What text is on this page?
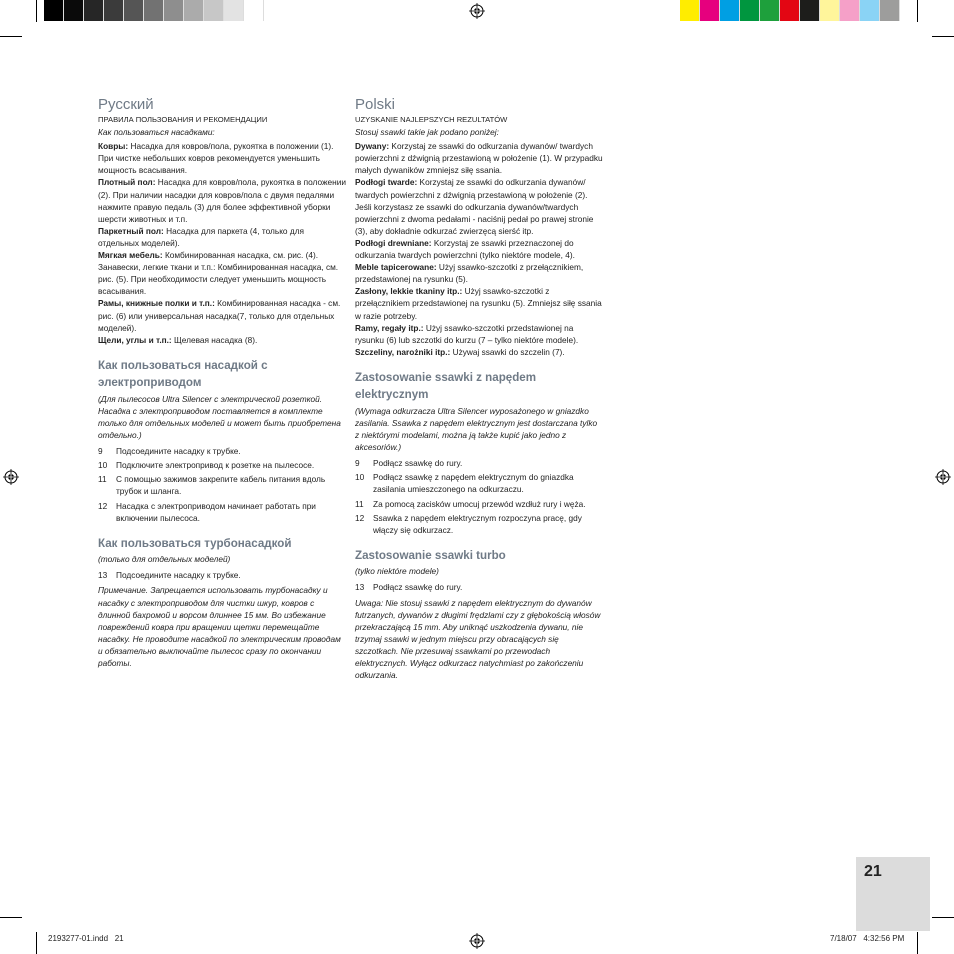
Русский

ПРАВИЛА ПОЛЬЗОВАНИЯ И РЕКОМЕНДАЦИИ

Как пользоваться насадками:

Ковры: Насадка для ковров/пола, рукоятка в положении (1). При чистке небольших ковров рекомендуется уменьшить мощность всасывания.

Плотный пол: Насадка для ковров/пола, рукоятка в положении (2). При наличии насадки для ковров/пола с двумя педалями нажмите правую педаль (3) для более эффективной уборки шерсти животных и т.п.

Паркетный пол: Насадка для паркета (4, только для отдельных моделей).

Мягкая мебель: Комбинированная насадка, см. рис. (4). Занавески, легкие ткани и т.п.: Комбинированная насадка, см. рис. (5). При необходимости следует уменьшить мощность всасывания.

Рамы, книжные полки и т.п.: Комбинированная насадка - см. рис. (6) или универсальная насадка(7, только для отдельных моделей).

Щели, углы и т.п.: Щелевая насадка (8).

Как пользоваться насадкой с электроприводом

(Для пылесосов Ultra Silencer с электрической розеткой. Насадка с электроприводом поставляется в комплекте только для отдельных моделей и может быть приобретена отдельно.)

9	Подсоедините насадку к трубке.
10	Подключите электропривод к розетке на пылесосе.
11	С помощью зажимов закрепите кабель питания вдоль трубок и шланга.
12	Насадка с электроприводом начинает работать при включении пылесоса.
Как пользоваться турбонасадкой

(только для отдельных моделей)

13	Подсоедините насадку к трубке.

Примечание. Запрещается использовать турбонасадку и насадку с электроприводом для чистки шкур, ковров с длинной бахромой и ворсом длиннее 15 мм. Во избежание повреждений ковра при вращении щетки перемещайте насадку. Не проводите насадкой по электрическим проводам и обязательно выключайте пылесос сразу по окончании работы.

Polski

UZYSKANIE NAJLEPSZYCH REZULTATÓW

Stosuj ssawki takie jak podano poniżej:

Dywany: Korzystaj ze ssawki do odkurzania dywanów/ twardych powierzchni z dźwignią przestawioną w położenie (1). W przypadku małych dywaników zmniejsz siłę ssania.

Podłogi twarde: Korzystaj ze ssawki do odkurzania dywanów/ twardych powierzchni z dźwignią przestawioną w położenie (2). Jeśli korzystasz ze ssawki do odkurzania dywanów/twardych powierzchni z dwoma pedałami - naciśnij pedał po prawej stronie (3), aby dokładnie odkurzać zwierzęcą sierść itp.

Podłogi drewniane: Korzystaj ze ssawki przeznaczonej do odkurzania twardych powierzchni (tylko niektóre modele, 4).

Meble tapicerowane: Użyj ssawko-szczotki z przełącznikiem, przedstawionej na rysunku (5).

Zasłony, lekkie tkaniny itp.: Użyj ssawko-szczotki z przełącznikiem przedstawionej na rysunku (5). Zmniejsz siłę ssania w razie potrzeby.

Ramy, regały itp.: Użyj ssawko-szczotki przedstawionej na rysunku (6) lub szczotki do kurzu (7 – tylko niektóre modele).

Szczeliny, narożniki itp.: Używaj ssawki do szczelin (7).

Zastosowanie ssawki z napędem elektrycznym

(Wymaga odkurzacza Ultra Silencer wyposażonego w gniazdko zasilania. Ssawka z napędem elektrycznym jest dostarczana tylko z niektórymi modelami, można ją także kupić jako jedno z akcesoriów.)

9	Podłącz ssawkę do rury.
10	Podłącz ssawkę z napędem elektrycznym do gniazdka zasilania umieszczonego na odkurzaczu.
11	Za pomocą zacisków umocuj przewód wzdłuż rury i węża.
12	Ssawka z napędem elektrycznym rozpoczyna pracę, gdy włączy się odkurzacz.
Zastosowanie ssawki turbo

(tylko niektóre modele)

13	Podłącz ssawkę do rury.

Uwaga: Nie stosuj ssawki z napędem elektrycznym do dywanów futrzanych, dywanów z długimi frędzlami czy z głębokością włosów przekraczającą 15 mm. Aby uniknąć uszkodzenia dywanu, nie trzymaj ssawki w jednym miejscu przy obracających się szczotkach. Nie przesuwaj ssawkami po przewodach elektrycznych. Wyłącz odkurzacz natychmiast po zakończeniu odkurzania.

21
2193277-01.indd   21	7/18/07   4:32:56 PM
